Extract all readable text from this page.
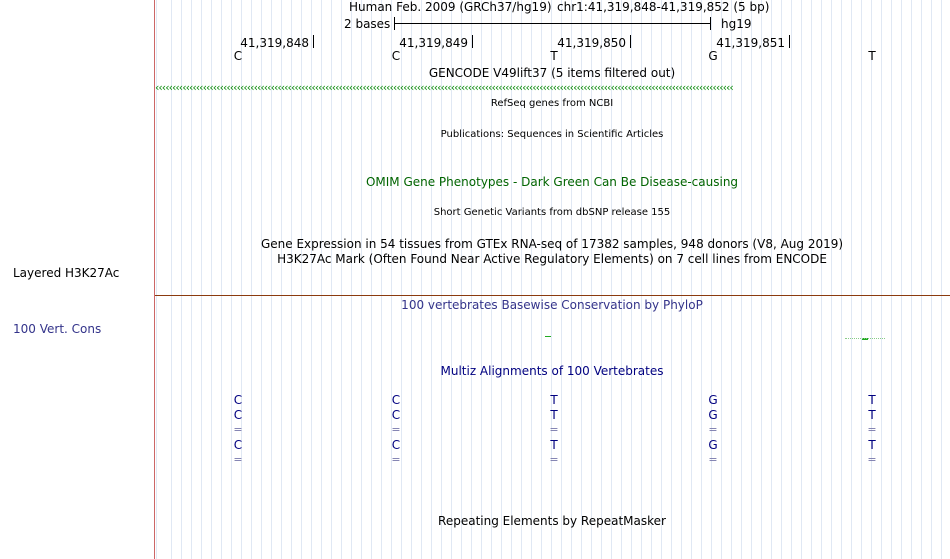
Layered H3K27Ac
100 Vert. Cons
Human Feb. 2009 (GRCh37/hg19) chr1:41,319,848-41,319,852 (5 bp)
2 bases	hg19
41,319,848	41,319,849	41,319,850	41,319,851
C	C	T	G	T
GENCODE V49lift37 (5 items filtered out)
‹‹‹‹‹‹‹‹‹‹‹‹‹‹‹‹‹‹‹‹‹‹‹‹‹‹‹‹‹‹‹‹‹‹‹‹‹‹‹‹‹‹‹‹‹‹‹‹‹‹‹‹‹‹‹‹‹‹‹‹‹‹‹‹‹‹‹‹‹‹‹‹‹‹‹‹‹‹‹‹‹‹‹‹‹‹‹‹‹‹‹‹‹‹‹‹‹‹‹‹‹‹‹‹‹‹‹‹‹‹‹‹‹‹‹‹‹‹‹‹‹‹‹‹‹‹‹‹‹‹‹‹‹‹‹‹‹‹‹‹‹‹‹‹‹‹‹‹‹‹‹‹‹‹‹‹‹‹‹‹‹‹‹‹‹‹‹‹‹‹
RefSeq genes from NCBI
Publications: Sequences in Scientific Articles
OMIM Gene Phenotypes - Dark Green Can Be Disease-causing
Short Genetic Variants from dbSNP release 155
Gene Expression in 54 tissues from GTEx RNA-seq of 17382 samples, 948 donors (V8, Aug 2019)
H3K27Ac Mark (Often Found Near Active Regulatory Elements) on 7 cell lines from ENCODE
100 vertebrates Basewise Conservation by PhyloP
Multiz Alignments of 100 Vertebrates
C	C	T	G	T
C	C	T	G	T
=	=	=	=	=
C	C	T	G	T
=	=	=	=	=
Repeating Elements by RepeatMasker
